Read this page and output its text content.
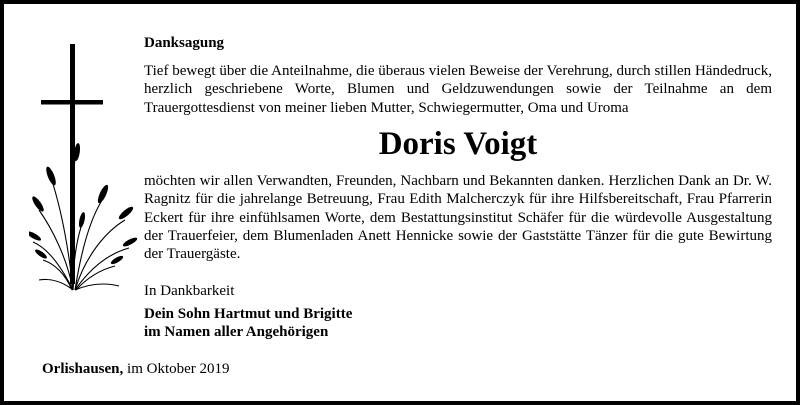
Danksagung
Tief bewegt über die Anteilnahme, die überaus vielen Beweise der Verehrung, durch stillen Händedruck, herzlich geschriebene Worte, Blumen und Geldzuwendungen sowie der Teilnahme an dem Trauergottesdienst von meiner lieben Mutter, Schwiegermutter, Oma und Uroma
Doris Voigt
möchten wir allen Verwandten, Freunden, Nachbarn und Bekannten danken. Herzlichen Dank an Dr. W. Ragnitz für die jahrelange Betreuung, Frau Edith Malcherczyk für ihre Hilfsbereitschaft, Frau Pfarrerin Eckert für ihre einfühlsamen Worte, dem Bestattungsinstitut Schäfer für die würdevolle Ausgestaltung der Trauerfeier, dem Blumenladen Anett Hennicke sowie der Gaststätte Tänzer für die gute Bewirtung der Trauergäste.
In Dankbarkeit
Dein Sohn Hartmut und Brigitte
im Namen aller Angehörigen
Orlishausen, im Oktober 2019
